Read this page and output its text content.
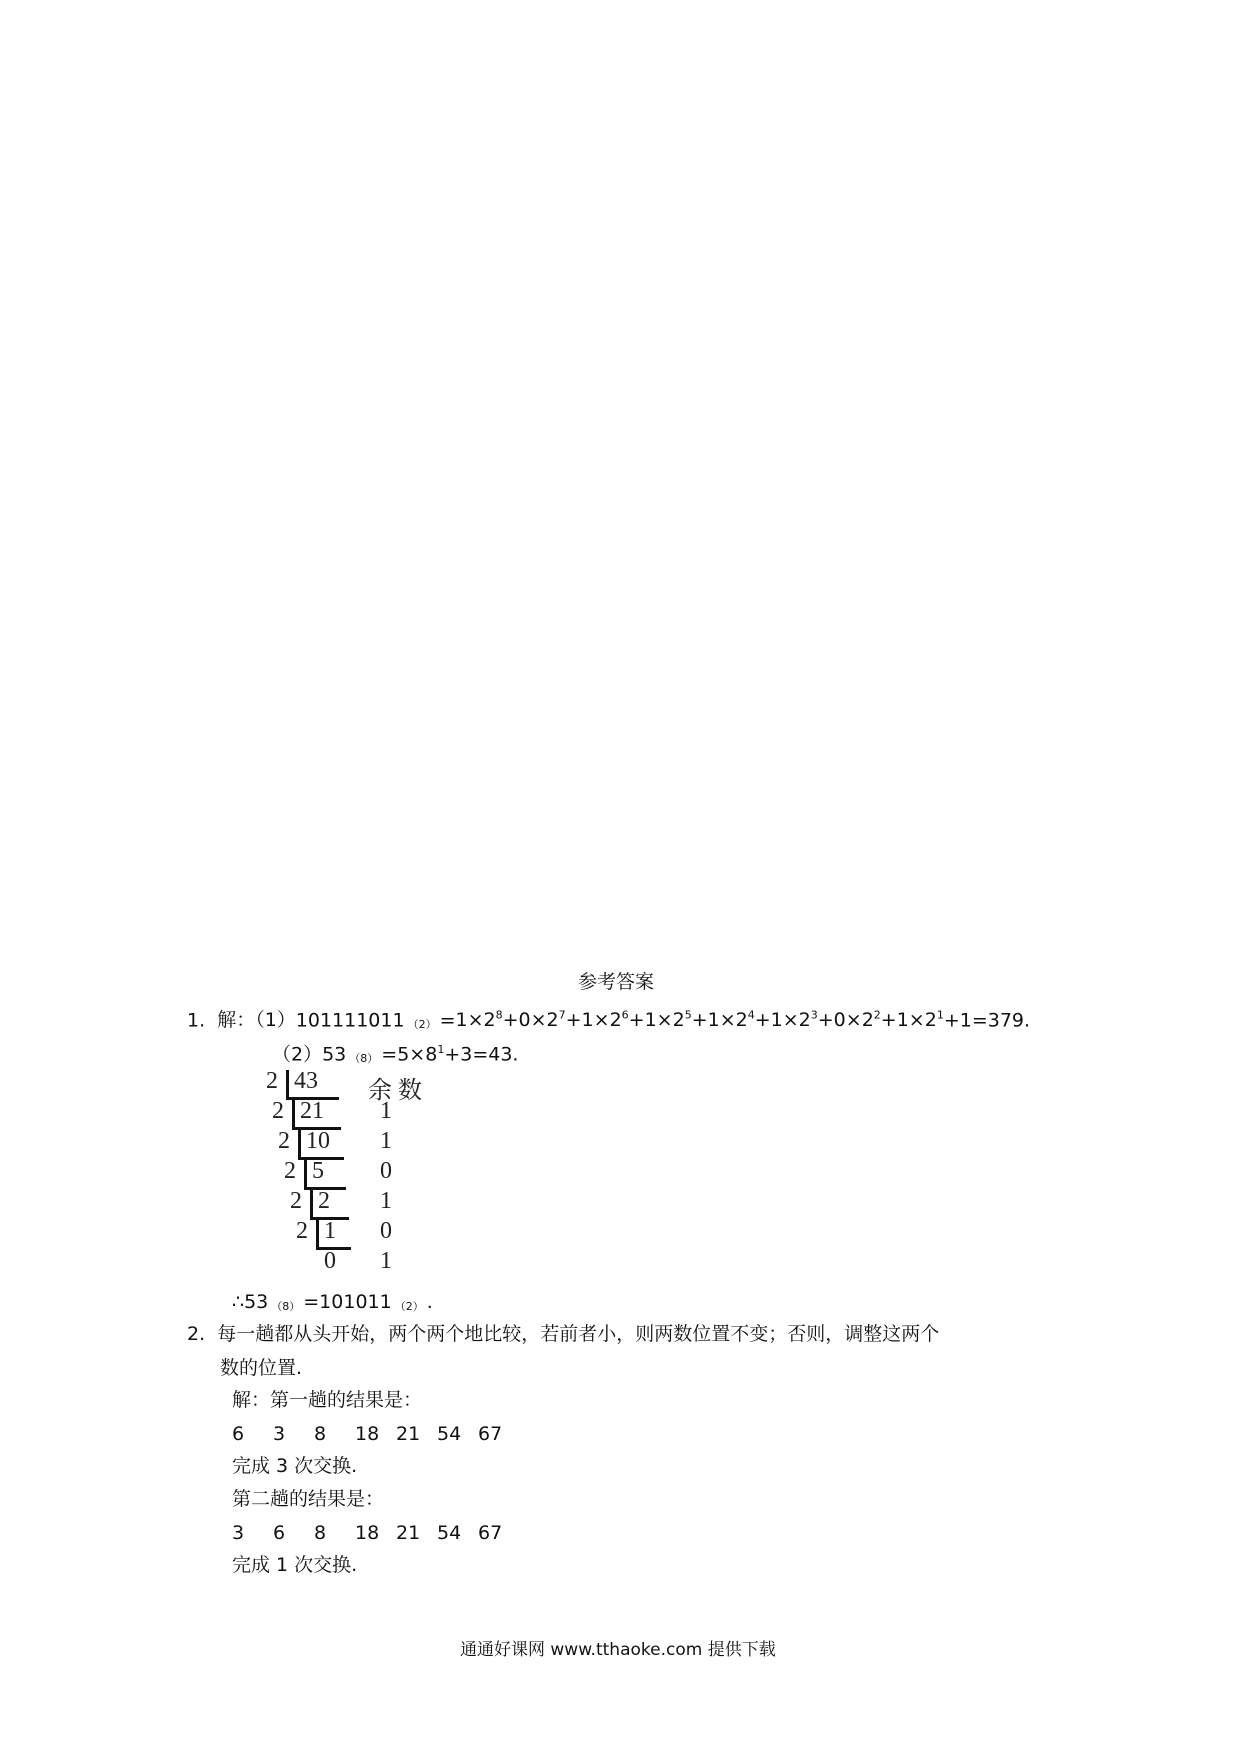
参考答案
1. 解：（1）101111011 $_{(2)} =1\times 2^8+0\times 2^7+1\times 2^6+1\times 2^5+1\times 2^4+1\times 2^3+0\times 2^2+1\times 2^1+1=379$.
（2）53 $_{(8)} =5\times 8^1+3=43$.
余 数
2 43
2 21 1
2 10 1
2 5 0
2 2 1
2 1 0
0 1
∴53 $_{(8)}$ =101011 $_{(2)}$ .
2. 每一趟都从头开始，两个两个地比较，若前者小，则两数位置不变；否则，调整这两个
数的位置.
解：第一趟的结果是：
6 3 8 18 21 54 67
完成 3 次交换.
第二趟的结果是：
3 6 8 18 21 54 67
完成 1 次交换.
通通好课网 www.tthaoke.com 提供下载
